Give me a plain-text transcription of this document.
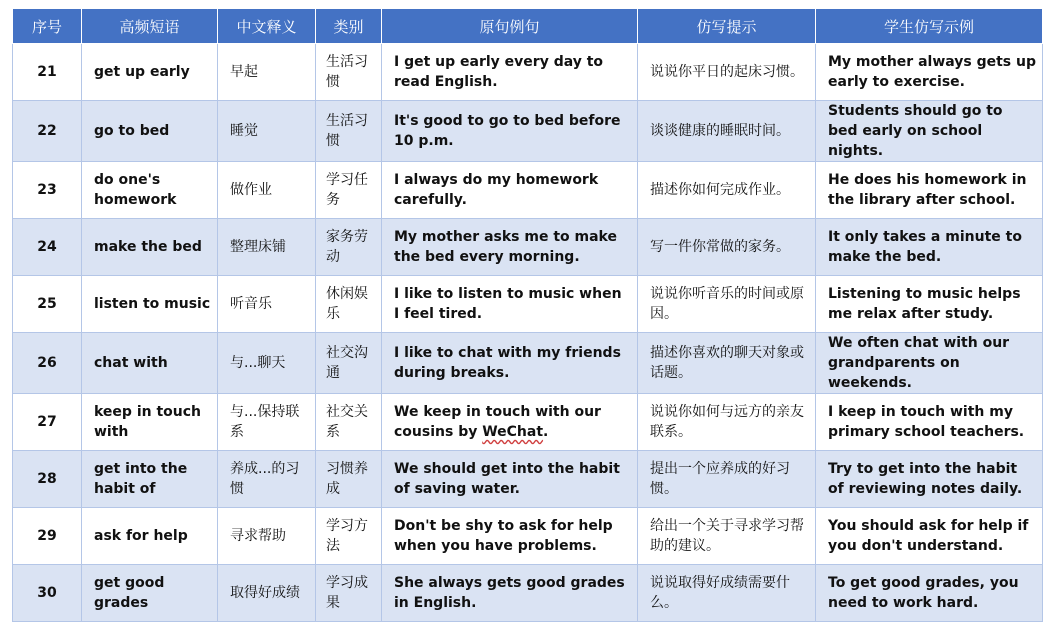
序号	高频短语	中文释义	类别	原句例句	仿写提示	学生仿写示例
21	get up early	早起	生活习惯	I get up early every day to read English.	说说你平日的起床习惯。	My mother always gets up early to exercise.
22	go to bed	睡觉	生活习惯	It's good to go to bed before 10 p.m.	谈谈健康的睡眠时间。	Students should go to bed early on school nights.
23	do one's homework	做作业	学习任务	I always do my homework carefully.	描述你如何完成作业。	He does his homework in the library after school.
24	make the bed	整理床铺	家务劳动	My mother asks me to make the bed every morning.	写一件你常做的家务。	It only takes a minute to make the bed.
25	listen to music	听音乐	休闲娱乐	I like to listen to music when I feel tired.	说说你听音乐的时间或原因。	Listening to music helps me relax after study.
26	chat with	与...聊天	社交沟通	I like to chat with my friends during breaks.	描述你喜欢的聊天对象或话题。	We often chat with our grandparents on weekends.
27	keep in touch with	与...保持联系	社交关系	We keep in touch with our cousins by WeChat.	说说你如何与远方的亲友联系。	I keep in touch with my primary school teachers.
28	get into the habit of	养成...的习惯	习惯养成	We should get into the habit of saving water.	提出一个应养成的好习惯。	Try to get into the habit of reviewing notes daily.
29	ask for help	寻求帮助	学习方法	Don't be shy to ask for help when you have problems.	给出一个关于寻求学习帮助的建议。	You should ask for help if you don't understand.
30	get good grades	取得好成绩	学习成果	She always gets good grades in English.	说说取得好成绩需要什么。	To get good grades, you need to work hard.
